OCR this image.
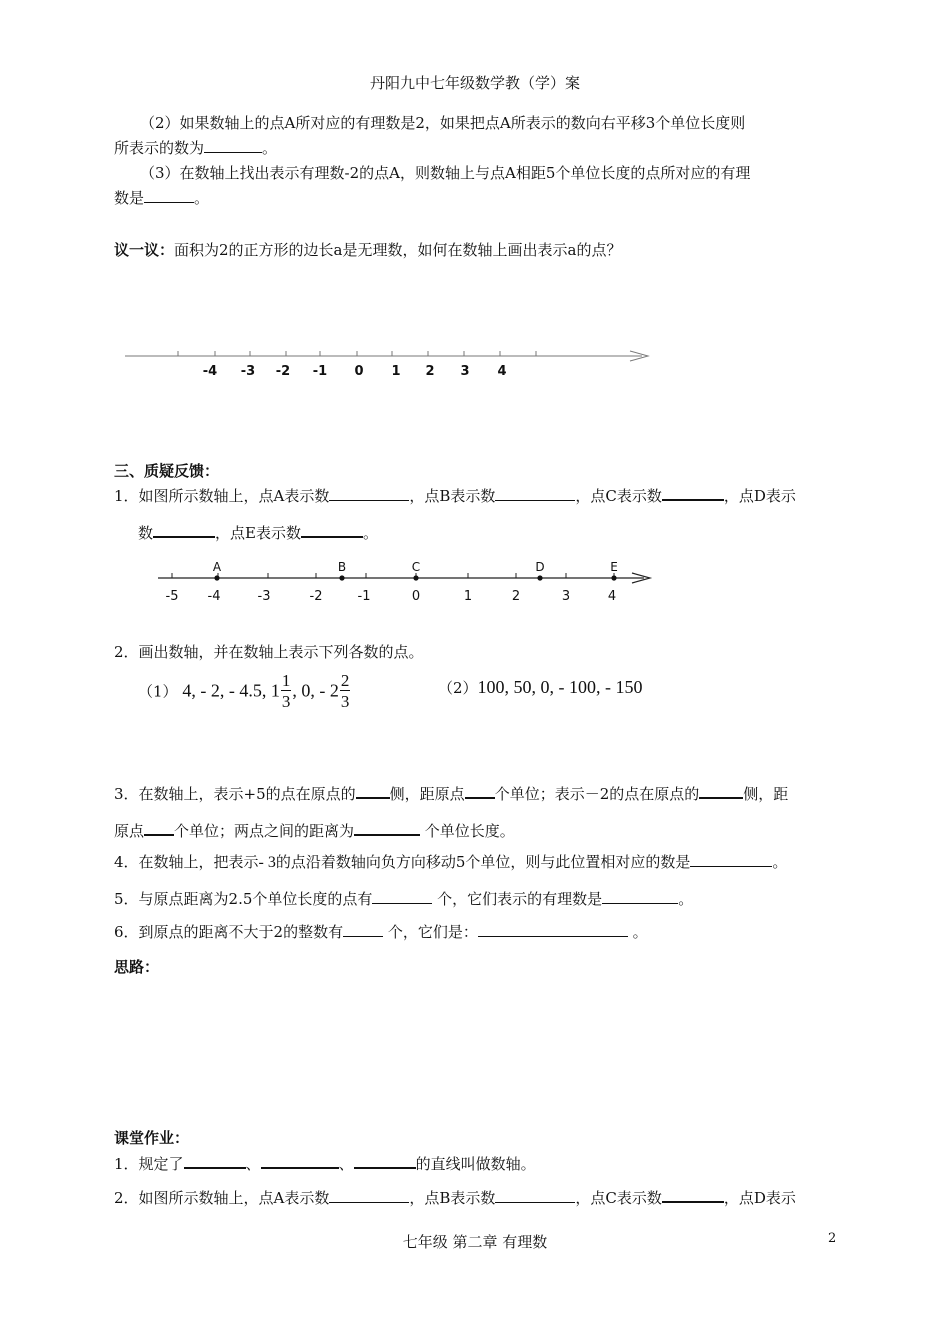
丹阳九中七年级数学教（学）案
（2）如果数轴上的点A所对应的有理数是2，如果把点A所表示的数向右平移3个单位长度则
所表示的数为	。
（3）在数轴上找出表示有理数-2的点A，则数轴上与点A相距5个单位长度的点所对应的有理
数是	。
议一议：面积为2的正方形的边长a是无理数，如何在数轴上画出表示a的点？
-4 -3 -2 -1 0 1 2 3 4
三、质疑反馈：
1．如图所示数轴上，点A表示数	，点B表示数	，点C表示数	，点D表示
数	，点E表示数	。
A	B	C	D	E
-5 -4	-3	-2	-1	0	1	2	3	4
2．画出数轴，并在数轴上表示下列各数的点。
（1） 4, - 2, - 4.5, $1 \frac{1}{3}$ , 0, - $2 \frac{2}{3}$	（2）100, 50, 0, - 100, - 150
3．在数轴上，表示+5的点在原点的 侧，距原点 个单位；表示－2的点在原点的	侧，距
原点 个单位；两点之间的距离为	个单位长度。
4．在数轴上，把表示- 3的点沿着数轴向负方向移动5个单位，则与此位置相对应的数是	。
5．与原点距离为2.5个单位长度的点有	个，它们表示的有理数是	。
6．到原点的距离不大于2的整数有	个，它们是：	。
思路：
课堂作业：
1．规定了	、	、	的直线叫做数轴。
2．如图所示数轴上，点A表示数	，点B表示数	，点C表示数	，点D表示
七年级 第二章 有理数	2
